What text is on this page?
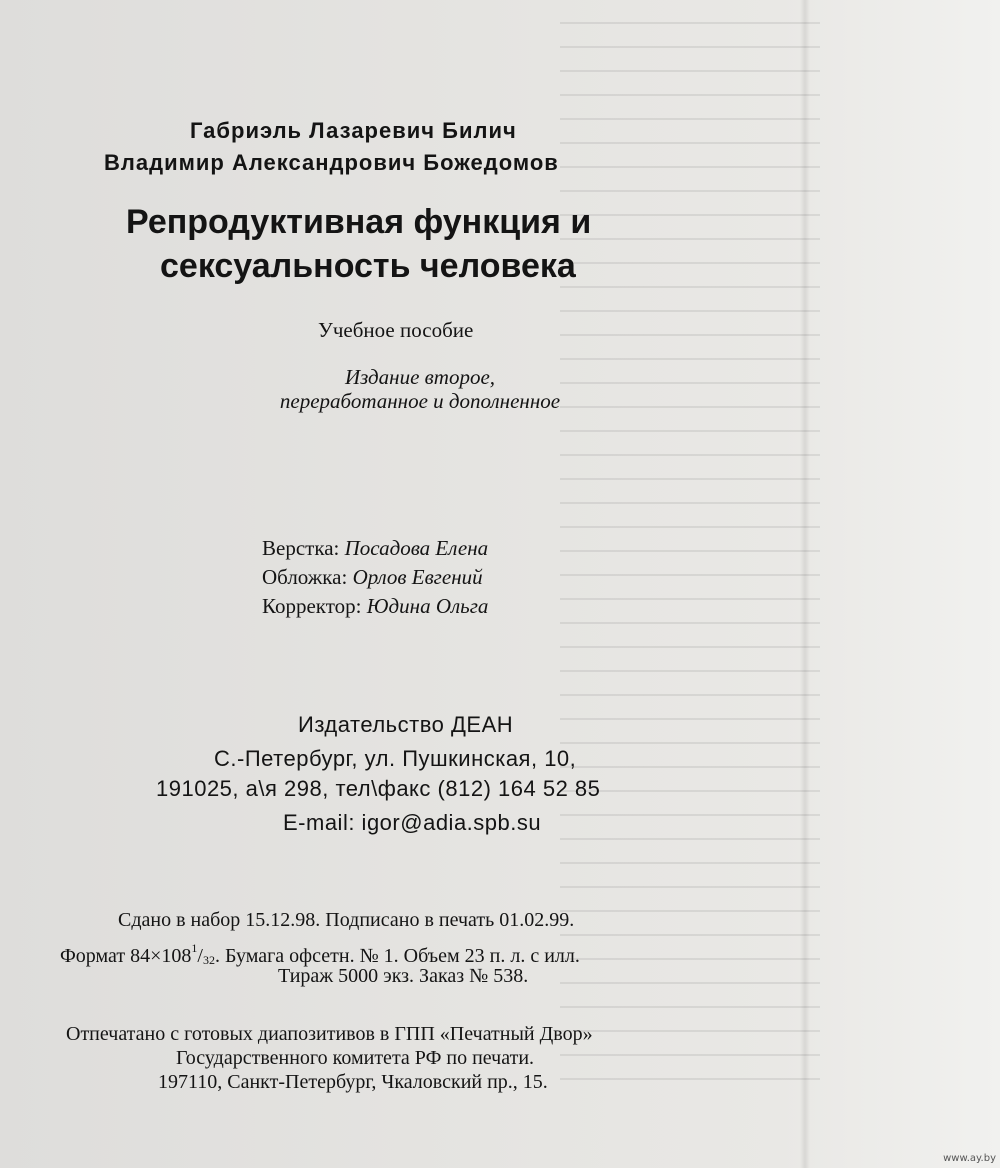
Габриэль Лазаревич Билич
Владимир Александрович Божедомов
Репродуктивная функция и
сексуальность человека
Учебное пособие
Издание второе,
переработанное и дополненное
Верстка: Посадова Елена
Обложка: Орлов Евгений
Корректор: Юдина Ольга
Издательство ДЕАН
С.-Петербург, ул. Пушкинская, 10,
191025, а\я 298, тел\факс (812) 164 52 85
E-mail: igor@adia.spb.su
Сдано в набор 15.12.98. Подписано в печать 01.02.99.
Формат $84\times 108^1/_{32}$. Бумага офсетн. № 1. Объем 23 п. л. с илл.
Тираж 5000 экз. Заказ № 538.
Отпечатано с готовых диапозитивов в ГПП «Печатный Двор»
Государственного комитета РФ по печати.
197110, Санкт-Петербург, Чкаловский пр., 15.
www.ay.by
